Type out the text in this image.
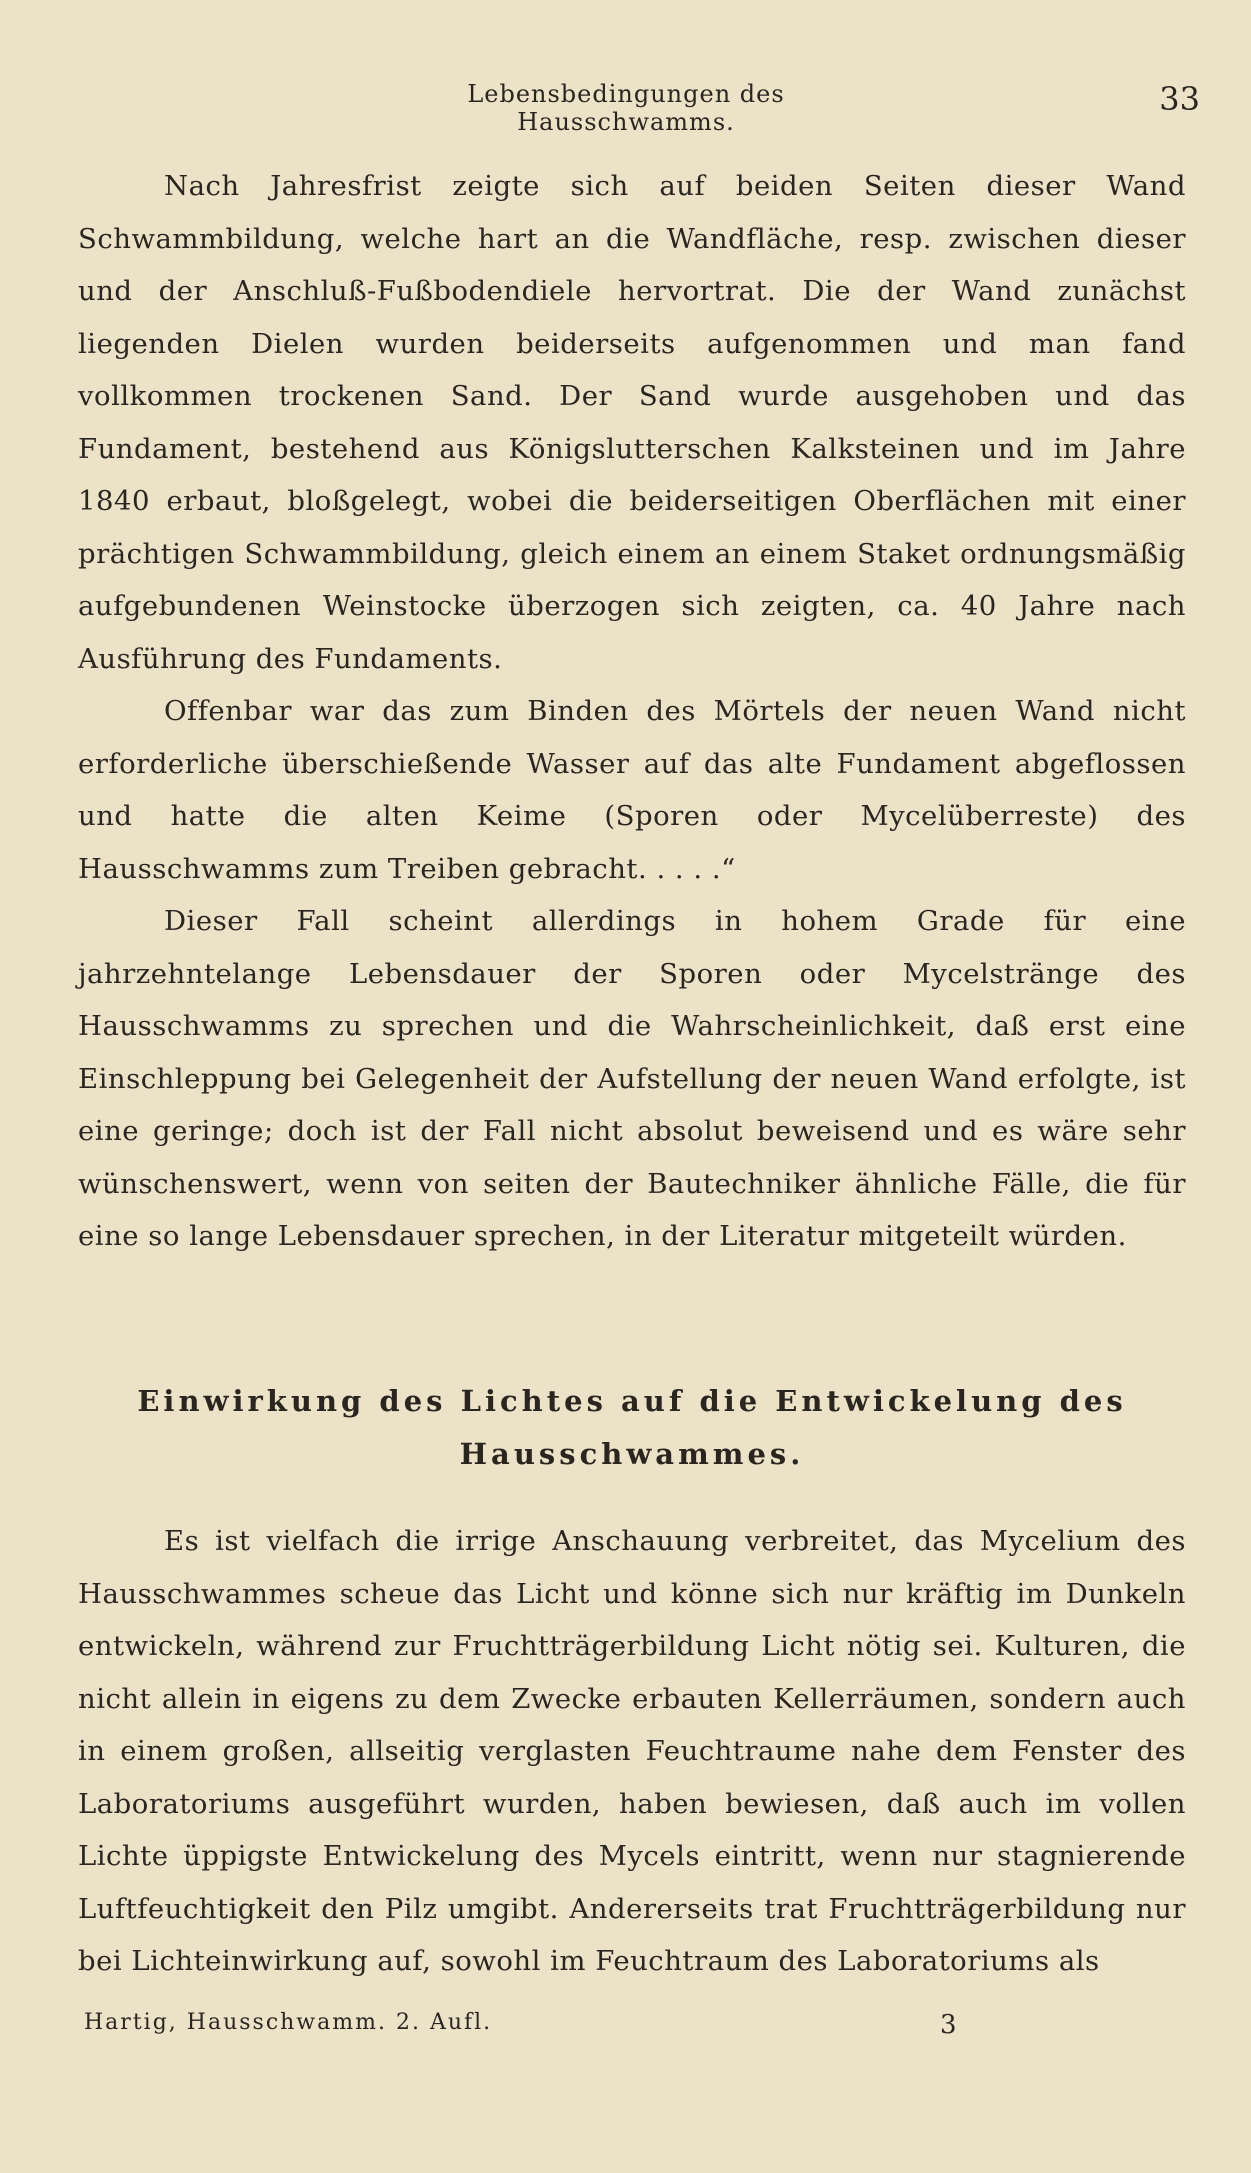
Lebensbedingungen des Hausschwamms.
33

Nach Jahresfrist zeigte sich auf beiden Seiten dieser Wand Schwammbildung, welche hart an die Wandfläche, resp. zwischen dieser und der Anschluß-Fußbodendiele hervortrat. Die der Wand zunächst liegenden Dielen wurden beiderseits aufgenommen und man fand vollkommen trockenen Sand. Der Sand wurde ausgehoben und das Fundament, bestehend aus Königslutterschen Kalksteinen und im Jahre 1840 erbaut, bloßgelegt, wobei die beiderseitigen Oberflächen mit einer prächtigen Schwammbildung, gleich einem an einem Staket ordnungsmäßig aufgebundenen Weinstocke überzogen sich zeigten, ca. 40 Jahre nach Ausführung des Fundaments.

Offenbar war das zum Binden des Mörtels der neuen Wand nicht erforderliche überschießende Wasser auf das alte Fundament abgeflossen und hatte die alten Keime (Sporen oder Mycelüberreste) des Hausschwamms zum Treiben gebracht. . . . .“

Dieser Fall scheint allerdings in hohem Grade für eine jahrzehntelange Lebensdauer der Sporen oder Mycelstränge des Hausschwamms zu sprechen und die Wahrscheinlichkeit, daß erst eine Einschleppung bei Gelegenheit der Aufstellung der neuen Wand erfolgte, ist eine geringe; doch ist der Fall nicht absolut beweisend und es wäre sehr wünschenswert, wenn von seiten der Bautechniker ähnliche Fälle, die für eine so lange Lebensdauer sprechen, in der Literatur mitgeteilt würden.

Einwirkung des Lichtes auf die Entwickelung des Hausschwammes.

Es ist vielfach die irrige Anschauung verbreitet, das Mycelium des Hausschwammes scheue das Licht und könne sich nur kräftig im Dunkeln entwickeln, während zur Fruchtträgerbildung Licht nötig sei. Kulturen, die nicht allein in eigens zu dem Zwecke erbauten Kellerräumen, sondern auch in einem großen, allseitig verglasten Feuchtraume nahe dem Fenster des Laboratoriums ausgeführt wurden, haben bewiesen, daß auch im vollen Lichte üppigste Entwickelung des Mycels eintritt, wenn nur stagnierende Luftfeuchtigkeit den Pilz umgibt. Andererseits trat Fruchtträgerbildung nur bei Lichteinwirkung auf, sowohl im Feuchtraum des Laboratoriums als

Hartig, Hausschwamm. 2. Aufl.	3
